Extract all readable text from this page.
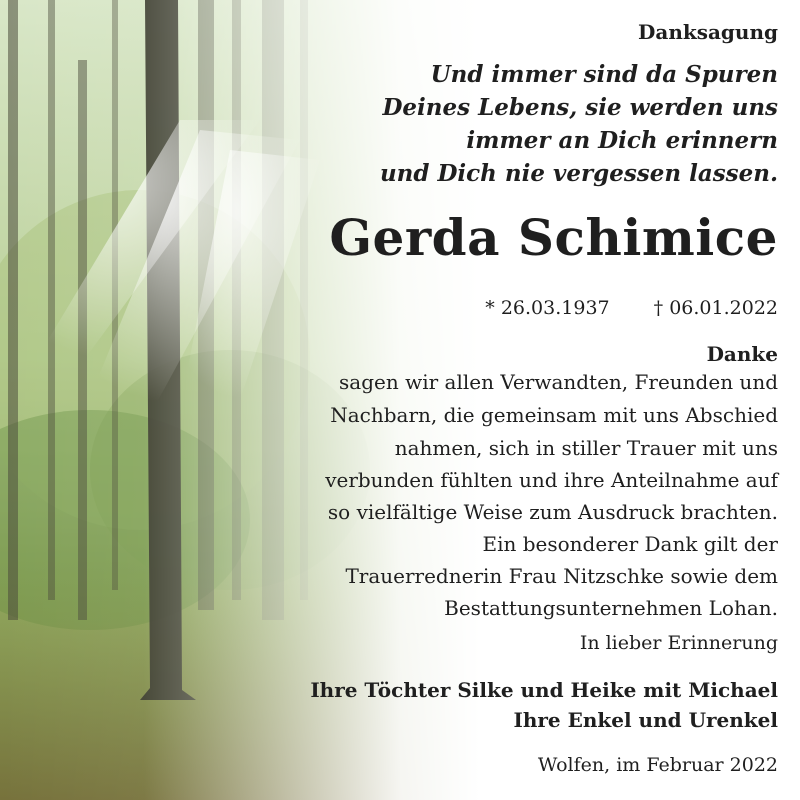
Danksagung
Und immer sind da Spuren
Deines Lebens, sie werden uns
immer an Dich erinnern
und Dich nie vergessen lassen.
Gerda Schimice
* 26.03.1937 † 06.01.2022
Danke
sagen wir allen Verwandten, Freunden und
Nachbarn, die gemeinsam mit uns Abschied
nahmen, sich in stiller Trauer mit uns
verbunden fühlten und ihre Anteilnahme auf
so vielfältige Weise zum Ausdruck brachten.
Ein besonderer Dank gilt der
Trauerrednerin Frau Nitzschke sowie dem
Bestattungsunternehmen Lohan.
In lieber Erinnerung
Ihre Töchter Silke und Heike mit Michael
Ihre Enkel und Urenkel
Wolfen, im Februar 2022
